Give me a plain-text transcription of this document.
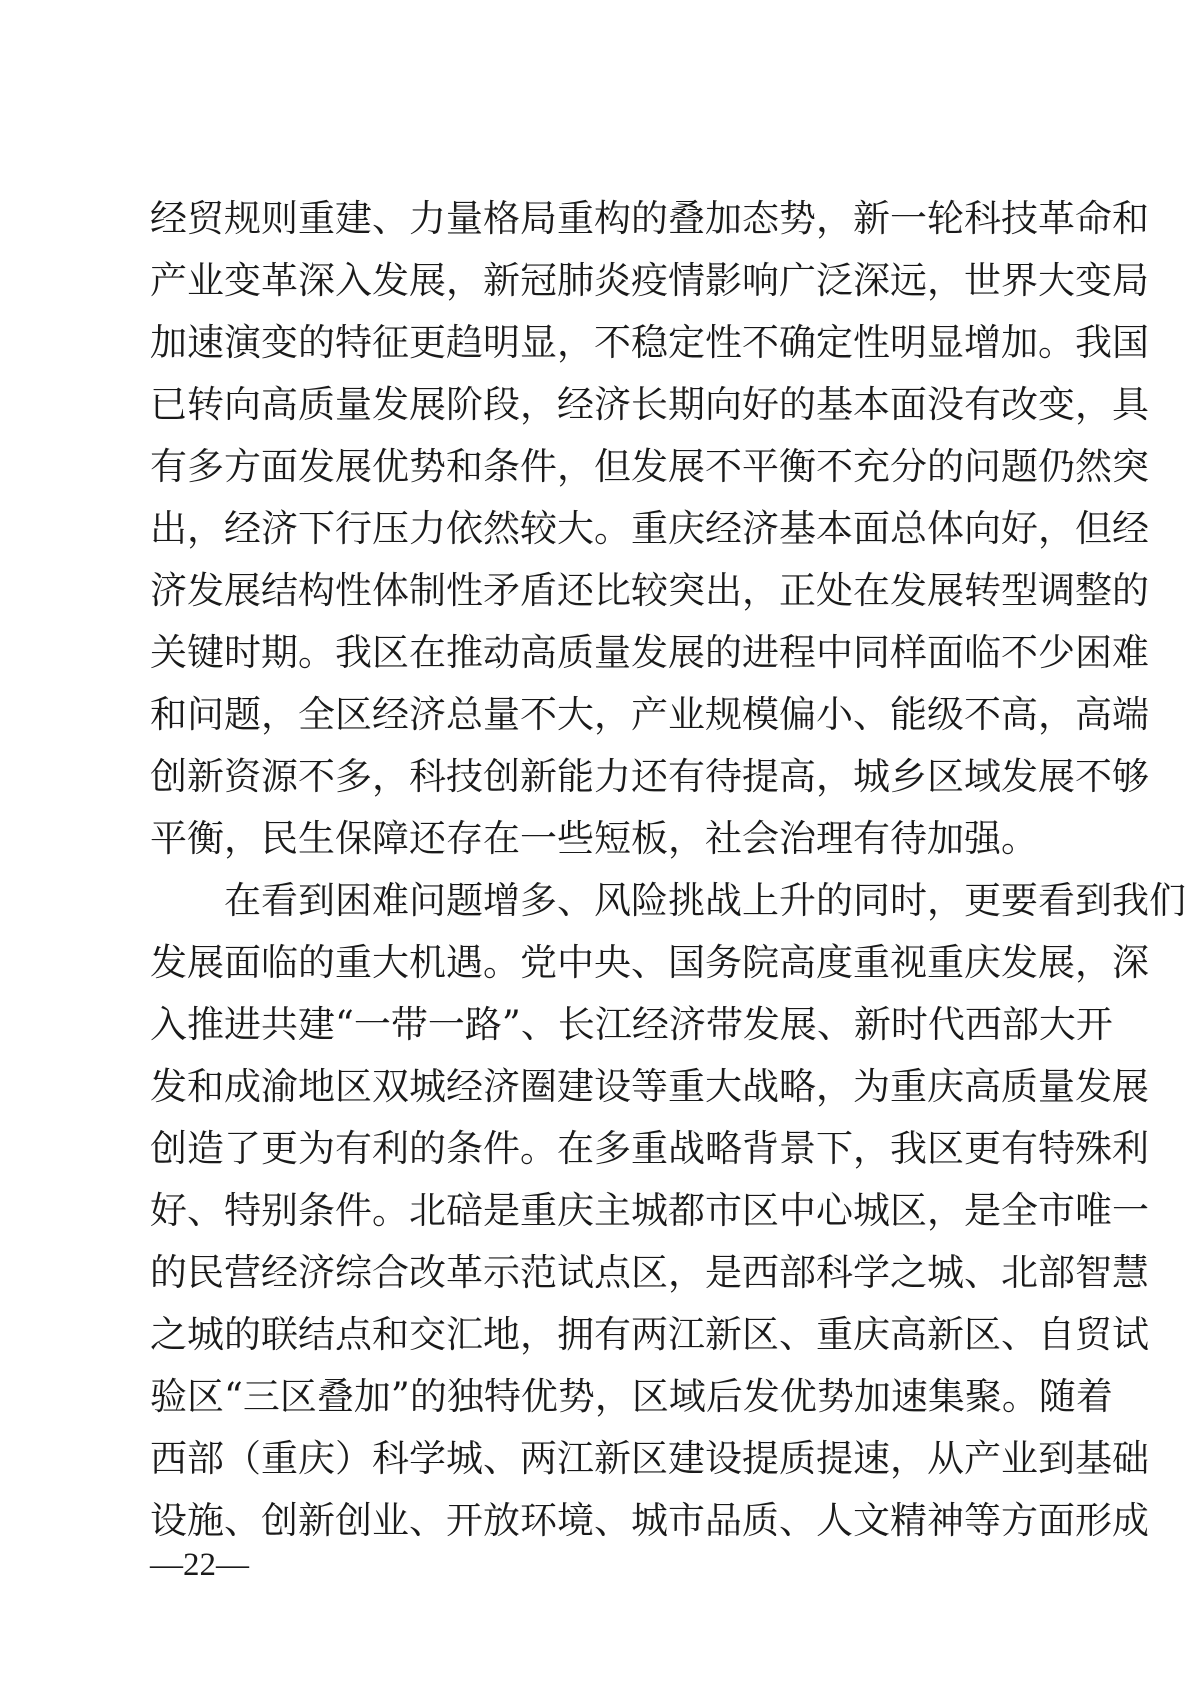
经贸规则重建、力量格局重构的叠加态势，新一轮科技革命和
产业变革深入发展，新冠肺炎疫情影响广泛深远，世界大变局
加速演变的特征更趋明显，不稳定性不确定性明显增加。我国
已转向高质量发展阶段，经济长期向好的基本面没有改变，具
有多方面发展优势和条件，但发展不平衡不充分的问题仍然突
出，经济下行压力依然较大。重庆经济基本面总体向好，但经
济发展结构性体制性矛盾还比较突出，正处在发展转型调整的
关键时期。我区在推动高质量发展的进程中同样面临不少困难
和问题，全区经济总量不大，产业规模偏小、能级不高，高端
创新资源不多，科技创新能力还有待提高，城乡区域发展不够
平衡，民生保障还存在一些短板，社会治理有待加强。
在看到困难问题增多、风险挑战上升的同时，更要看到我们
发展面临的重大机遇。党中央、国务院高度重视重庆发展，深
入推进共建“一带一路”、长江经济带发展、新时代西部大开
发和成渝地区双城经济圈建设等重大战略，为重庆高质量发展
创造了更为有利的条件。在多重战略背景下，我区更有特殊利
好、特别条件。北碚是重庆主城都市区中心城区，是全市唯一
的民营经济综合改革示范试点区，是西部科学之城、北部智慧
之城的联结点和交汇地，拥有两江新区、重庆高新区、自贸试
验区“三区叠加”的独特优势，区域后发优势加速集聚。随着
西部（重庆）科学城、两江新区建设提质提速，从产业到基础
设施、创新创业、开放环境、城市品质、人文精神等方面形成
—22—
